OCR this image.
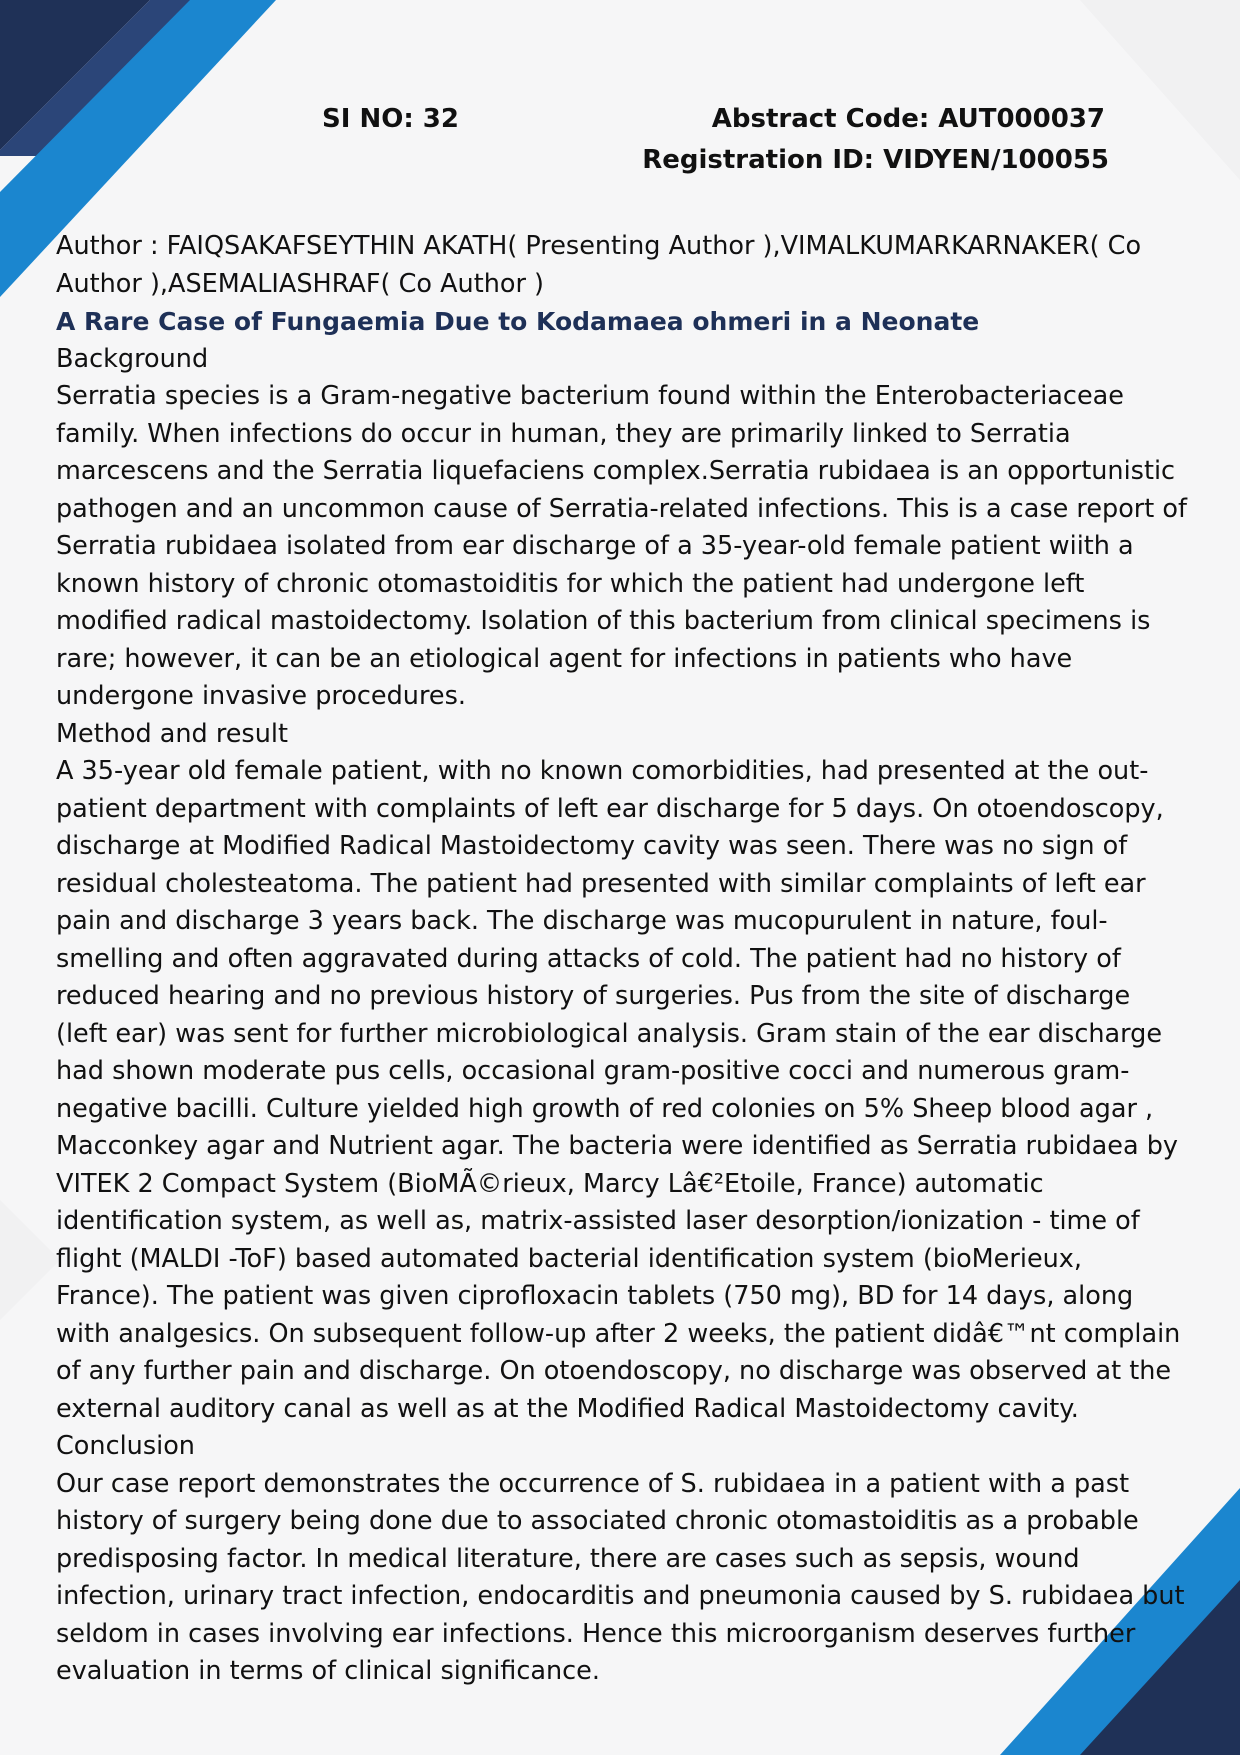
SI NO: 32	Abstract Code: AUT000037
Registration ID: VIDYEN/100055

Author : FAIQSAKAFSEYTHIN AKATH( Presenting Author ),VIMALKUMARKARNAKER( Co Author ),ASEMALIASHRAF( Co Author )

A Rare Case of Fungaemia Due to Kodamaea ohmeri in a Neonate

Background

Serratia species is a Gram-negative bacterium found within the Enterobacteriaceae family. When infections do occur in human, they are primarily linked to Serratia marcescens and the Serratia liquefaciens complex.Serratia rubidaea is an opportunistic pathogen and an uncommon cause of Serratia-related infections. This is a case report of Serratia rubidaea isolated from ear discharge of a 35-year-old female patient wiith a known history of chronic otomastoiditis for which the patient had undergone left modified radical mastoidectomy. Isolation of this bacterium from clinical specimens is rare; however, it can be an etiological agent for infections in patients who have undergone invasive procedures.

Method and result

A 35-year old female patient, with no known comorbidities, had presented at the out-patient department with complaints of left ear discharge for 5 days. On otoendoscopy, discharge at Modified Radical Mastoidectomy cavity was seen. There was no sign of residual cholesteatoma. The patient had presented with similar complaints of left ear pain and discharge 3 years back. The discharge was mucopurulent in nature, foul-smelling and often aggravated during attacks of cold. The patient had no history of reduced hearing and no previous history of surgeries. Pus from the site of discharge (left ear) was sent for further microbiological analysis. Gram stain of the ear discharge had shown moderate pus cells, occasional gram-positive cocci and numerous gram-negative bacilli. Culture yielded high growth of red colonies on 5% Sheep blood agar , Macconkey agar and Nutrient agar. The bacteria were identified as Serratia rubidaea by VITEK 2 Compact System (BioMÃ©rieux, Marcy Lâ€²Etoile, France) automatic identification system, as well as, matrix-assisted laser desorption/ionization - time of flight (MALDI -ToF) based automated bacterial identification system (bioMerieux, France). The patient was given ciprofloxacin tablets (750 mg), BD for 14 days, along with analgesics. On subsequent follow-up after 2 weeks, the patient didâ€™nt complain of any further pain and discharge. On otoendoscopy, no discharge was observed at the external auditory canal as well as at the Modified Radical Mastoidectomy cavity.

Conclusion

Our case report demonstrates the occurrence of S. rubidaea in a patient with a past history of surgery being done due to associated chronic otomastoiditis as a probable predisposing factor. In medical literature, there are cases such as sepsis, wound infection, urinary tract infection, endocarditis and pneumonia caused by S. rubidaea but seldom in cases involving ear infections. Hence this microorganism deserves further evaluation in terms of clinical significance.
